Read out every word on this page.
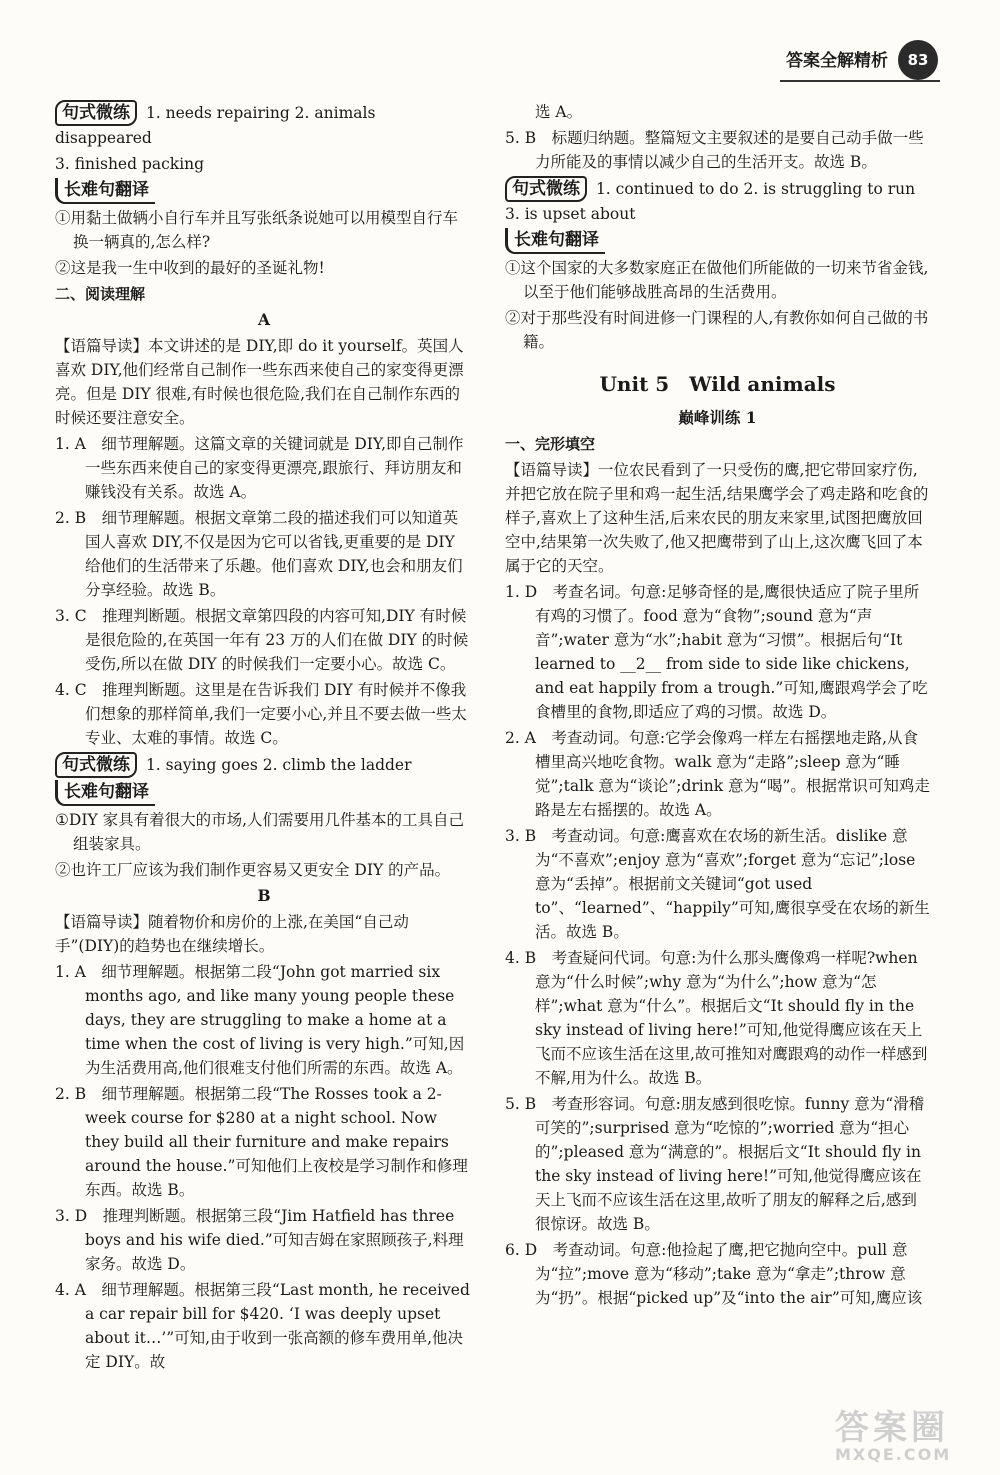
答案全解精析	83

句式微练 1. needs repairing 2. animals disappeared

3. finished packing

长难句翻译

①用黏土做辆小自行车并且写张纸条说她可以用模型自行车换一辆真的,怎么样?

②这是我一生中收到的最好的圣诞礼物!

二、阅读理解

A

【语篇导读】本文讲述的是 DIY,即 do it yourself。英国人喜欢 DIY,他们经常自己制作一些东西来使自己的家变得更漂亮。但是 DIY 很难,有时候也很危险,我们在自己制作东西的时候还要注意安全。

1. A　细节理解题。这篇文章的关键词就是 DIY,即自己制作一些东西来使自己的家变得更漂亮,跟旅行、拜访朋友和赚钱没有关系。故选 A。

2. B　细节理解题。根据文章第二段的描述我们可以知道英国人喜欢 DIY,不仅是因为它可以省钱,更重要的是 DIY 给他们的生活带来了乐趣。他们喜欢 DIY,也会和朋友们分享经验。故选 B。

3. C　推理判断题。根据文章第四段的内容可知,DIY 有时候是很危险的,在英国一年有 23 万的人们在做 DIY 的时候受伤,所以在做 DIY 的时候我们一定要小心。故选 C。

4. C　推理判断题。这里是在告诉我们 DIY 有时候并不像我们想象的那样简单,我们一定要小心,并且不要去做一些太专业、太难的事情。故选 C。

句式微练 1. saying goes 2. climb the ladder

长难句翻译

①DIY 家具有着很大的市场,人们需要用几件基本的工具自己组装家具。

②也许工厂应该为我们制作更容易又更安全 DIY 的产品。

B

【语篇导读】随着物价和房价的上涨,在美国“自己动手”(DIY)的趋势也在继续增长。

1. A　细节理解题。根据第二段“John got married six months ago, and like many young people these days, they are struggling to make a home at a time when the cost of living is very high.”可知,因为生活费用高,他们很难支付他们所需的东西。故选 A。

2. B　细节理解题。根据第二段“The Rosses took a 2-week course for $280 at a night school. Now they build all their furniture and make repairs around the house.”可知他们上夜校是学习制作和修理东西。故选 B。

3. D　推理判断题。根据第三段“Jim Hatfield has three boys and his wife died.”可知吉姆在家照顾孩子,料理家务。故选 D。

4. A　细节理解题。根据第三段“Last month, he received a car repair bill for $420. ‘I was deeply upset about it…’”可知,由于收到一张高额的修车费用单,他决定 DIY。故

选 A。

5. B　标题归纳题。整篇短文主要叙述的是要自己动手做一些力所能及的事情以减少自己的生活开支。故选 B。

句式微练 1. continued to do 2. is struggling to run 3. is upset about

长难句翻译

①这个国家的大多数家庭正在做他们所能做的一切来节省金钱,以至于他们能够战胜高昂的生活费用。

②对于那些没有时间进修一门课程的人,有教你如何自己做的书籍。

Unit 5　Wild animals

巅峰训练 1

一、完形填空

【语篇导读】一位农民看到了一只受伤的鹰,把它带回家疗伤,并把它放在院子里和鸡一起生活,结果鹰学会了鸡走路和吃食的样子,喜欢上了这种生活,后来农民的朋友来家里,试图把鹰放回空中,结果第一次失败了,他又把鹰带到了山上,这次鹰飞回了本属于它的天空。

1. D　考查名词。句意:足够奇怪的是,鹰很快适应了院子里所有鸡的习惯了。food 意为“食物”;sound 意为“声音”;water 意为“水”;habit 意为“习惯”。根据后句“It learned to __2__ from side to side like chickens, and eat happily from a trough.”可知,鹰跟鸡学会了吃食槽里的食物,即适应了鸡的习惯。故选 D。

2. A　考查动词。句意:它学会像鸡一样左右摇摆地走路,从食槽里高兴地吃食物。walk 意为“走路”;sleep 意为“睡觉”;talk 意为“谈论”;drink 意为“喝”。根据常识可知鸡走路是左右摇摆的。故选 A。

3. B　考查动词。句意:鹰喜欢在农场的新生活。dislike 意为“不喜欢”;enjoy 意为“喜欢”;forget 意为“忘记”;lose 意为“丢掉”。根据前文关键词“got used to”、“learned”、“happily”可知,鹰很享受在农场的新生活。故选 B。

4. B　考查疑问代词。句意:为什么那头鹰像鸡一样呢?when 意为“什么时候”;why 意为“为什么”;how 意为“怎样”;what 意为“什么”。根据后文“It should fly in the sky instead of living here!”可知,他觉得鹰应该在天上飞而不应该生活在这里,故可推知对鹰跟鸡的动作一样感到不解,用为什么。故选 B。

5. B　考查形容词。句意:朋友感到很吃惊。funny 意为“滑稽可笑的”;surprised 意为“吃惊的”;worried 意为“担心的”;pleased 意为“满意的”。根据后文“It should fly in the sky instead of living here!”可知,他觉得鹰应该在天上飞而不应该生活在这里,故听了朋友的解释之后,感到很惊讶。故选 B。

6. D　考查动词。句意:他捡起了鹰,把它抛向空中。pull 意为“拉”;move 意为“移动”;take 意为“拿走”;throw 意为“扔”。根据“picked up”及“into the air”可知,鹰应该

答案圈
MXQE.COM
